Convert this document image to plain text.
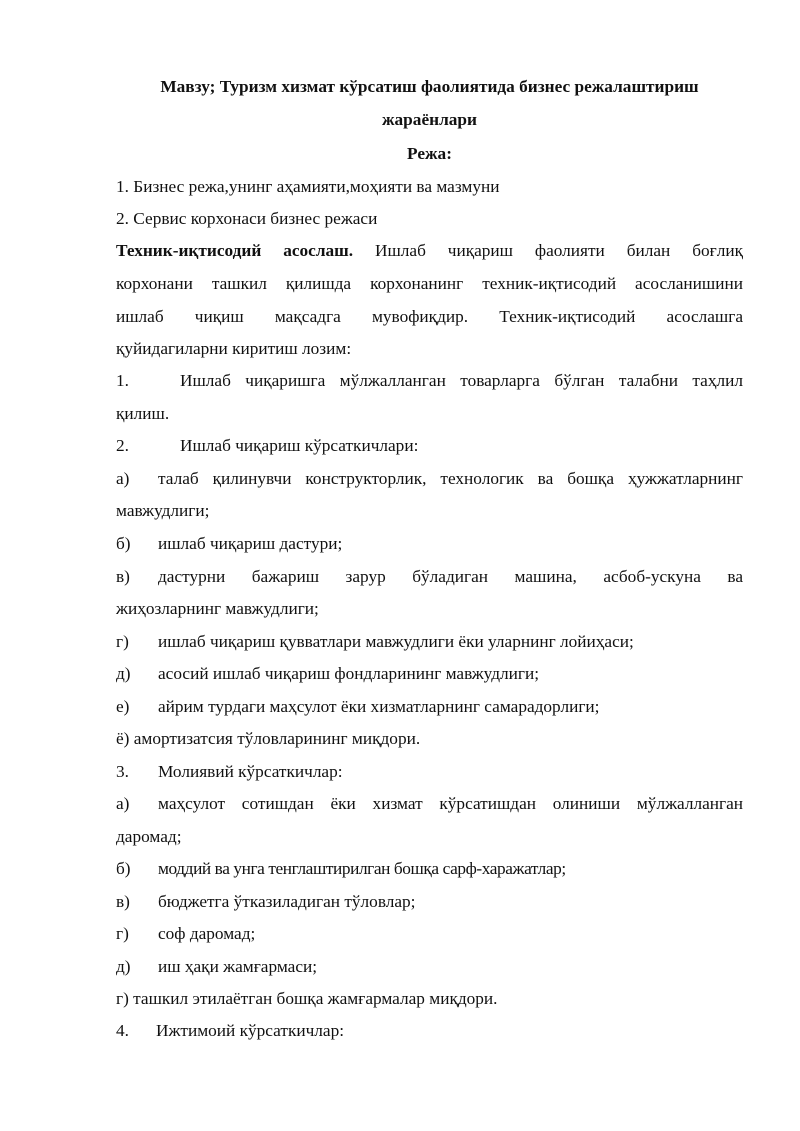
Мавзу; Туризм хизмат кўрсатиш фаолиятида бизнес режалаштириш
жараёнлари
Режа:
1. Бизнес режа,унинг аҳамияти,моҳияти ва мазмуни
2. Сервис корхонаси бизнес режаси
Техник-иқтисодий асослаш. Ишлаб чиқариш фаолияти билан боғлиқ
корхонани ташкил қилишда корхонанинг техник-иқтисодий асосланишини
ишлаб чиқиш мақсадга мувофиқдир. Техник-иқтисодий асослашга
қуйидагиларни киритиш лозим:
1.	Ишлаб чиқаришга мўлжалланган товарларга бўлган талабни таҳлил
қилиш.
2.	Ишлаб чиқариш кўрсаткичлари:
а) талаб қилинувчи конструкторлик, технологик ва бошқа ҳужжатларнинг
мавжудлиги;
б) ишлаб чиқариш дастури;
в) дастурни бажариш зарур бўладиган машина, асбоб-ускуна ва
жиҳозларнинг мавжудлиги;
г) ишлаб чиқариш қувватлари мавжудлиги ёки уларнинг лойиҳаси;
д) асосий ишлаб чиқариш фондларининг мавжудлиги;
е) айрим турдаги маҳсулот ёки хизматларнинг самарадорлиги;
ё) амортизатсия тўловларининг миқдори.
3. Молиявий кўрсаткичлар:
а) маҳсулот сотишдан ёки хизмат кўрсатишдан олиниши мўлжалланган
даромад;
б) моддий ва унга тенглаштирилган бошқа сарф-харажатлар;
в) бюджетга ўтказиладиган тўловлар;
г) соф даромад;
д) иш ҳақи жамғармаси;
г) ташкил этилаётган бошқа жамғармалар миқдори.
4. Ижтимоий кўрсаткичлар:
